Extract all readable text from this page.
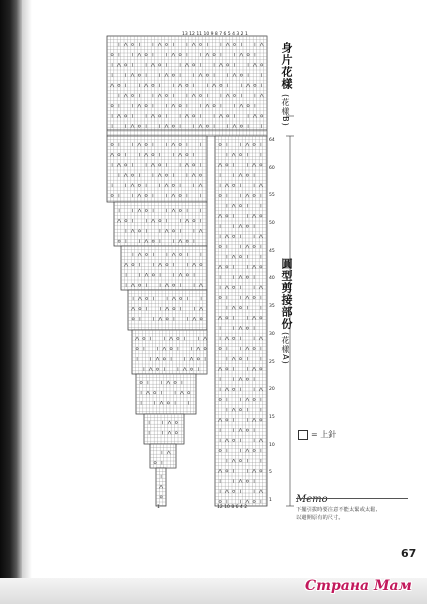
13 12 11 10 9 8 7 6 5 4 3 2 1
12 10 8 6 4 2
1
64
60
55
50
45
40
35
30
25
20
15
10
5
1
身片花樣
(花樣B)
圓型剪接部份
(花樣A)
= 上針
Memo
下擺引拔時要注意不能太緊或太鬆,
以避開原有的尺寸。
67
Страна Мам
